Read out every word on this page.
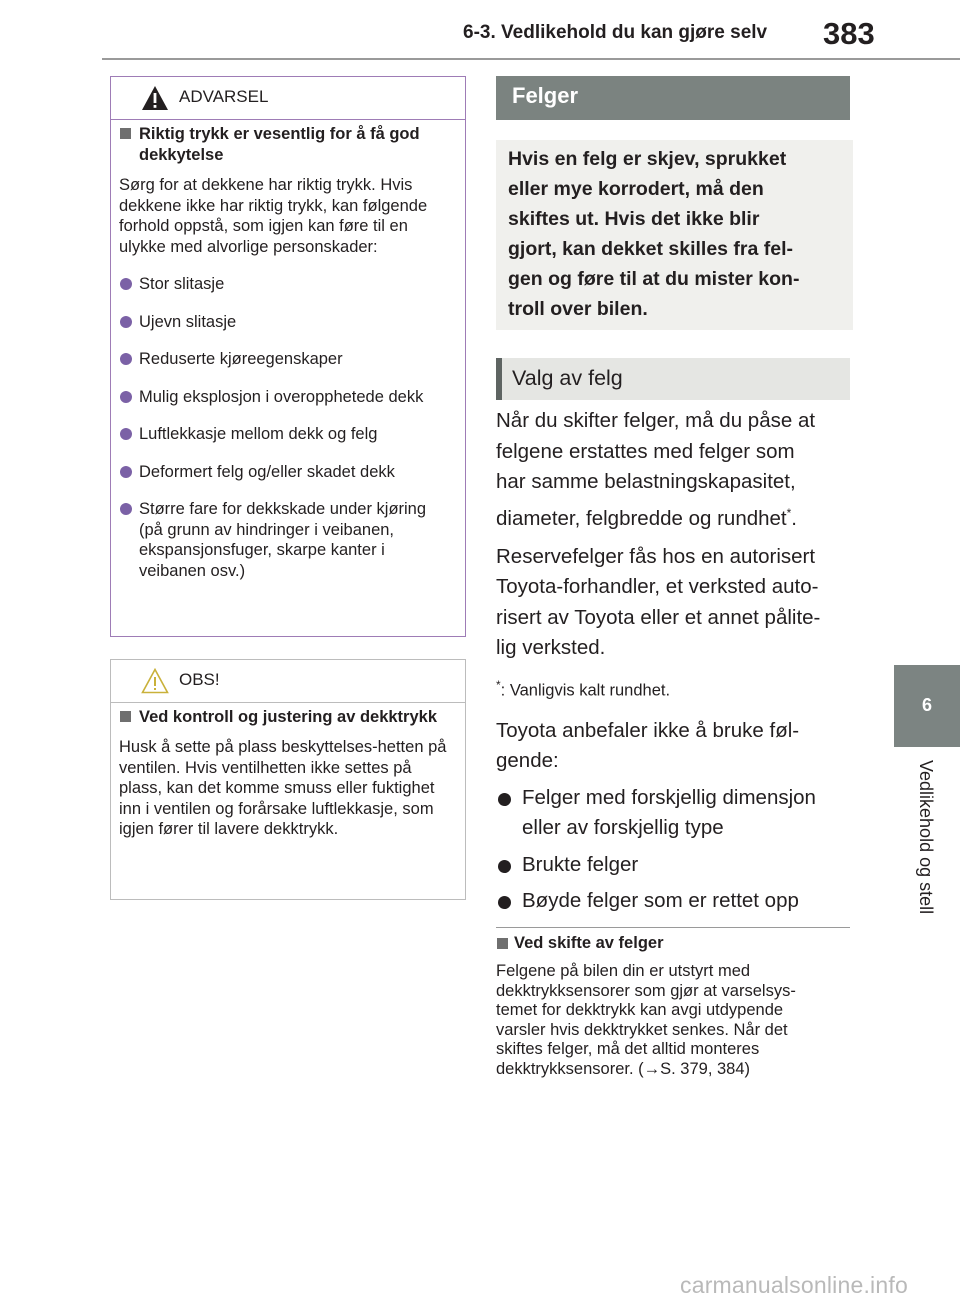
6-3. Vedlikehold du kan gjøre selv 383
6
Vedlikehold og stell
ADVARSEL
Riktig trykk er vesentlig for å få god dekkytelse
Sørg for at dekkene har riktig trykk. Hvis dekkene ikke har riktig trykk, kan følgende forhold oppstå, som igjen kan føre til en ulykke med alvorlige personskader:
Stor slitasje
Ujevn slitasje
Reduserte kjøreegenskaper
Mulig eksplosjon i overopphetede dekk
Luftlekkasje mellom dekk og felg
Deformert felg og/eller skadet dekk
Større fare for dekkskade under kjøring (på grunn av hindringer i veibanen, ekspansjonsfuger, skarpe kanter i veibanen osv.)
OBS!
Ved kontroll og justering av dekktrykk
Husk å sette på plass beskyttelses-hetten på ventilen. Hvis ventilhetten ikke settes på plass, kan det komme smuss eller fuktighet inn i ventilen og forårsake luftlekkasje, som igjen fører til lavere dekktrykk.
Felger
Hvis en felg er skjev, sprukket
eller mye korrodert, må den
skiftes ut. Hvis det ikke blir
gjort, kan dekket skilles fra fel-
gen og føre til at du mister kon-
troll over bilen.
Valg av felg
Når du skifter felger, må du påse at
felgene erstattes med felger som
har samme belastningskapasitet,
diameter, felgbredde og rundhet*.
Reservefelger fås hos en autorisert
Toyota-forhandler, et verksted auto-
risert av Toyota eller et annet pålite-
lig verksted.
*: Vanligvis kalt rundhet.
Toyota anbefaler ikke å bruke føl-
gende:
Felger med forskjellig dimensjon
eller av forskjellig type
Brukte felger
Bøyde felger som er rettet opp
Ved skifte av felger
Felgene på bilen din er utstyrt med
dekktrykksensorer som gjør at varselsys-
temet for dekktrykk kan avgi utdypende
varsler hvis dekktrykket senkes. Når det
skiftes felger, må det alltid monteres
dekktrykksensorer. (→S. 379, 384)
carmanualsonline.info
